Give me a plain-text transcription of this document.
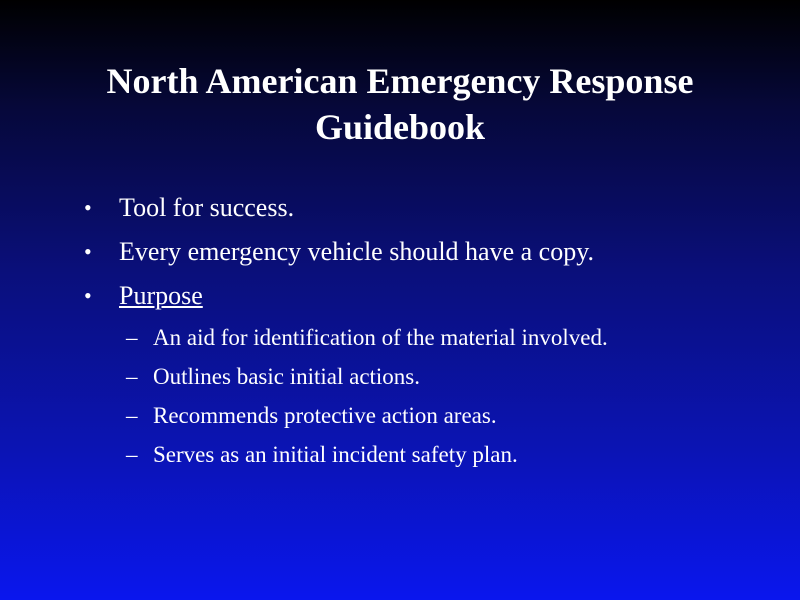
North American Emergency Response
Guidebook
•	Tool for success.
•	Every emergency vehicle should have a copy.
•	Purpose
– An aid for identification of the material involved.
– Outlines basic initial actions.
– Recommends protective action areas.
– Serves as an initial incident safety plan.
